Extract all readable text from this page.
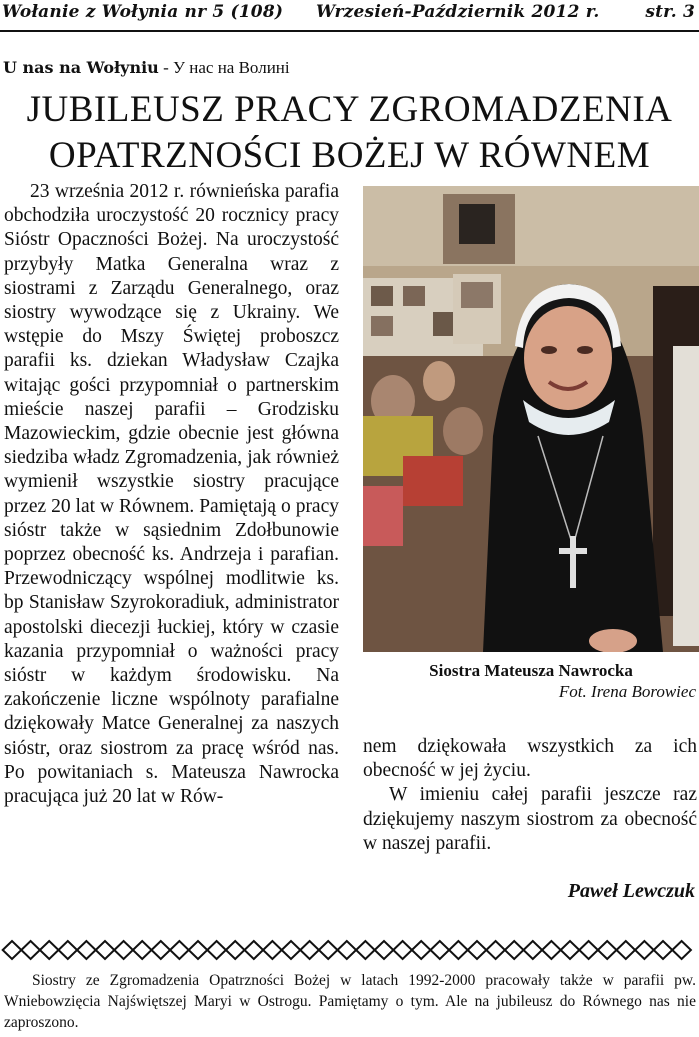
Wołanie z Wołynia nr 5 (108) Wrzesień-Październik 2012 r.	str. 3
U nas na Wołyniu - У нас на Волині
JUBILEUSZ PRACY ZGROMADZENIA
OPATRZNOŚCI BOŻEJ W RÓWNEM

23 września 2012 r. równieńska parafia obchodziła uroczystość 20 rocznicy pracy Sióstr Opaczności Bożej. Na uroczystość przybyły Matka Generalna wraz z siostrami z Zarządu Generalnego, oraz siostry wywodzące się z Ukrainy. We wstępie do Mszy Świętej proboszcz parafii ks. dziekan Władysław Czajka witając gości przypomniał o partnerskim mieście naszej parafii – Grodzisku Mazowieckim, gdzie obecnie jest główna siedziba władz Zgromadzenia, jak również wymienił wszystkie siostry pracujące przez 20 lat w Równem. Pamiętają o pracy sióstr także w sąsiednim Zdołbunowie poprzez obecność ks. Andrzeja i parafian. Przewodniczący wspólnej modlitwie ks. bp Stanisław Szyrokoradiuk, administrator apostolski diecezji łuckiej, który w czasie kazania przypomniał o ważności pracy sióstr w każdym środowisku. Na zakończenie liczne wspólnoty parafialne dziękowały Matce Generalnej za naszych sióstr, oraz siostrom za pracę wśród nas. Po powitaniach s. Mateusza Nawrocka pracująca już 20 lat w Rów-

Siostra Mateusza Nawrocka
Fot. Irena Borowiec

nem dziękowała wszystkich za ich obecność w jej życiu.

W imieniu całej parafii jeszcze raz dziękujemy naszym siostrom za obecność w naszej parafii.

Paweł Lewczuk

Siostry ze Zgromadzenia Opatrzności Bożej w latach 1992-2000 pracowały także w parafii pw. Wniebowzięcia Najświętszej Maryi w Ostrogu. Pamiętamy o tym. Ale na jubileusz do Równego nas nie zaproszono.
